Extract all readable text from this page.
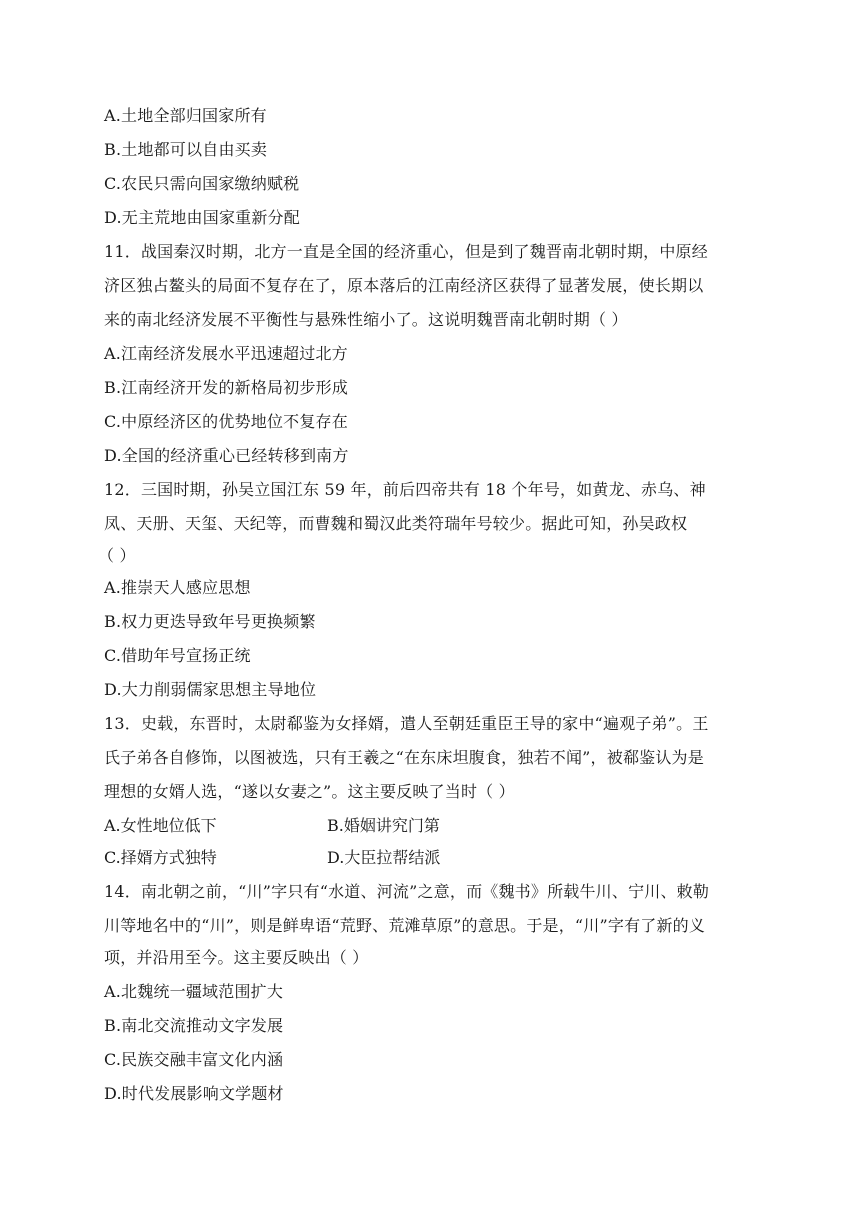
A.土地全部归国家所有
B.土地都可以自由买卖
C.农民只需向国家缴纳赋税
D.无主荒地由国家重新分配
11．战国秦汉时期，北方一直是全国的经济重心，但是到了魏晋南北朝时期，中原经
济区独占鳌头的局面不复存在了，原本落后的江南经济区获得了显著发展，使长期以
来的南北经济发展不平衡性与悬殊性缩小了。这说明魏晋南北朝时期（ ）
A.江南经济发展水平迅速超过北方
B.江南经济开发的新格局初步形成
C.中原经济区的优势地位不复存在
D.全国的经济重心已经转移到南方
12．三国时期，孙吴立国江东 59 年，前后四帝共有 18 个年号，如黄龙、赤乌、神
凤、天册、天玺、天纪等，而曹魏和蜀汉此类符瑞年号较少。据此可知，孙吴政权
（ ）
A.推崇天人感应思想
B.权力更迭导致年号更换频繁
C.借助年号宣扬正统
D.大力削弱儒家思想主导地位
13．史载，东晋时，太尉郗鉴为女择婿，遣人至朝廷重臣王导的家中“遍观子弟”。王
氏子弟各自修饰，以图被选，只有王羲之“在东床坦腹食，独若不闻”，被郗鉴认为是
理想的女婿人选，“遂以女妻之”。这主要反映了当时（ ）
A.女性地位低下	B.婚姻讲究门第
C.择婿方式独特	D.大臣拉帮结派
14．南北朝之前，“川”字只有“水道、河流”之意，而《魏书》所载牛川、宁川、敕勒
川等地名中的“川”，则是鲜卑语“荒野、荒滩草原”的意思。于是，“川”字有了新的义
项，并沿用至今。这主要反映出（ ）
A.北魏统一疆域范围扩大
B.南北交流推动文字发展
C.民族交融丰富文化内涵
D.时代发展影响文学题材
